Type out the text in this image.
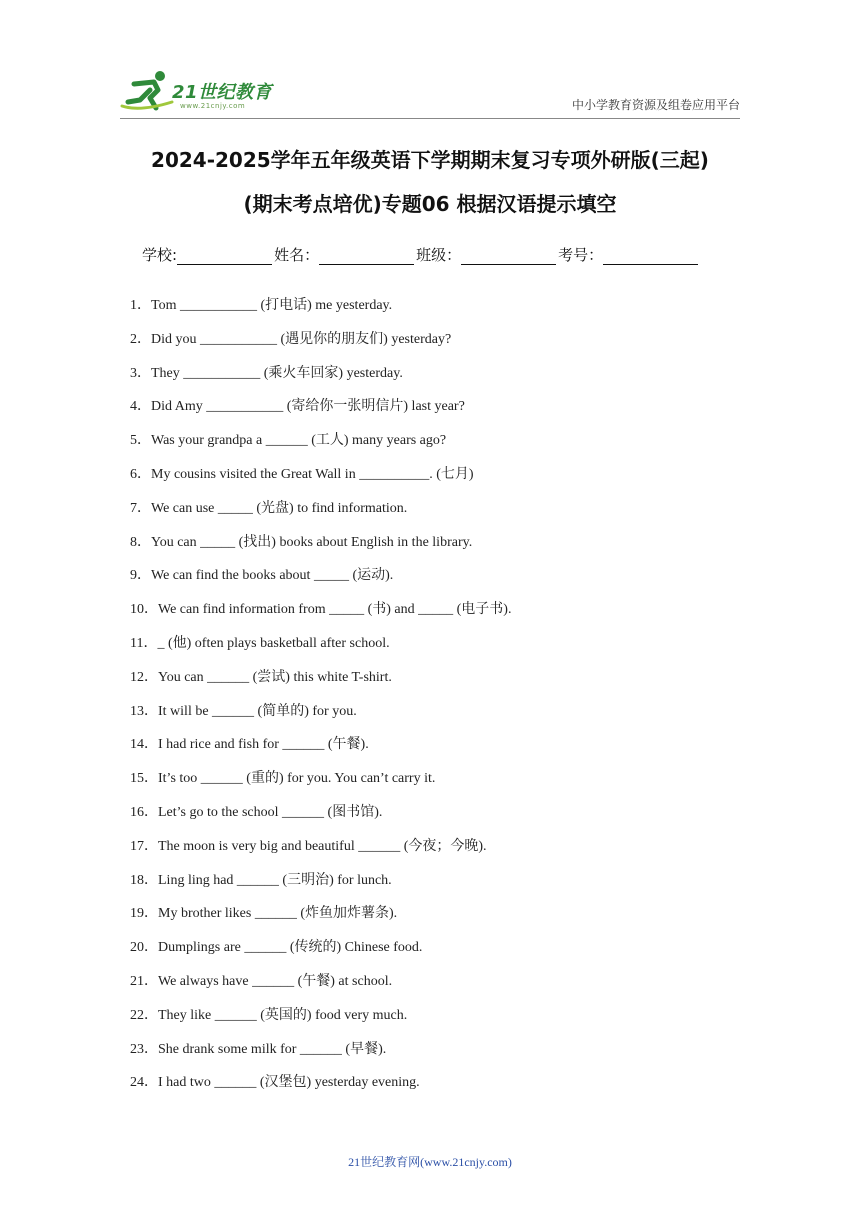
21世纪教育
www.21cnjy.com	中小学教育资源及组卷应用平台
2024-2025学年五年级英语下学期期末复习专项外研版(三起)
(期末考点培优)专题06 根据汉语提示填空
学校:	姓名：	班级：	考号：
1．Tom ___________ (打电话) me yesterday.
2．Did you ___________ (遇见你的朋友们) yesterday?
3．They ___________ (乘火车回家) yesterday.
4．Did Amy ___________ (寄给你一张明信片) last year?
5．Was your grandpa a ______ (工人) many years ago?
6．My cousins visited the Great Wall in __________. (七月)
7．We can use _____ (光盘) to find information.
8．You can _____ (找出) books about English in the library.
9．We can find the books about _____ (运动).
10．We can find information from _____ (书) and _____ (电子书).
11．_ (他) often plays basketball after school.
12．You can ______ (尝试) this white T-shirt.
13．It will be ______ (简单的) for you.
14．I had rice and fish for ______ (午餐).
15．It’s too ______ (重的) for you. You can’t carry it.
16．Let’s go to the school ______ (图书馆).
17．The moon is very big and beautiful ______ (今夜；今晚).
18．Ling ling had ______ (三明治) for lunch.
19．My brother likes ______ (炸鱼加炸薯条).
20．Dumplings are ______ (传统的) Chinese food.
21．We always have ______ (午餐) at school.
22．They like ______ (英国的) food very much.
23．She drank some milk for ______ (早餐).
24．I had two ______ (汉堡包) yesterday evening.
21世纪教育网(www.21cnjy.com)
